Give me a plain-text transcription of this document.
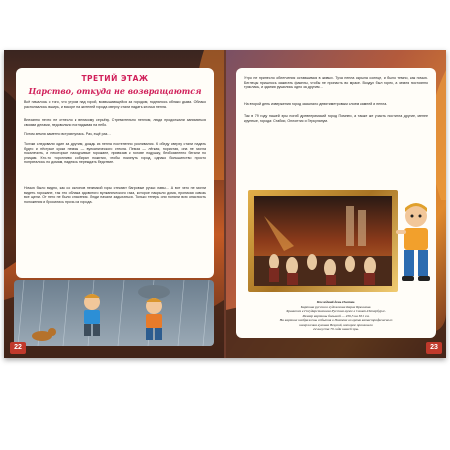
ТРЕТИЙ ЭТАЖ
Царство, откуда не возвращаются

Всё началось с того, что утром над горой, возвышающейся за городом, поднялось облако дыма. Облако расползалось вширь, и вскоре на жителей города сверху стали падать клочья пепла.

Внезапно нечто не отнесло к великому серьёзу. Стремительно пеплом, люди продолжали заниматься своими делами, недовольно поглядывая на небо.

Потом земля заметно встряхнулась. Раз, ещё раз…

Толчки следовали один за другим, дождь из пепла постепенно усиливался. К обеду сверху стали падать будто и пёстрые куски пемзы — вулканического стекла. Пемза — лёгкая, пористая, она не могла покалечить, и некоторые находчивые горожане, привязав к голове подушку, безбоязненно бегали по улицам. Кто-то торопливо собирал пожитки, чтобы покинуть город, однако большинство просто попряталось по домам, надеясь переждать бедствие.

Ночью было видно, как со склонов неземкой горы стекают багровые ручьи лавы… А вот чего не могли видеть горожане, так это облака ядовитого вулканического газа, которое накрыло дома, проникая сквозь все щели. От него не было спасения. Люди начали задыхаться. Только теперь они поняли всю опасность положения и бросились прочь из города.

22

Утро не принесло облегчения оставшимся в живых. Туча пепла скрыла солнце, и было темно, как ночью. Беглецы пришлось зажигать факелы, чтобы не пропасть во мраке. Воздух был горек, а земля постоянно тряслась, и здания рушились одно за другим…

На второй день извержения город засыпало девятиметровым слоем камней и пепла.

Так в 79 году нашей эры погиб древнеримский город Помпеи, а также же участь постигла другие, менее крупные, города: Стабии, Оплонтис и Геркуланум.

Последний день Помпеи.
Картина русского художника Карла Брюллова.
Хранится в Государственном Русском музее в Санкт-Петербурге.
Размер картины большой — 456,5 на 651 см.
На картине изображены события в Помпеях во время катастрофического
извержения вулкана Везувий, которое произошло
24 августа 79 года нашей эры.
23
